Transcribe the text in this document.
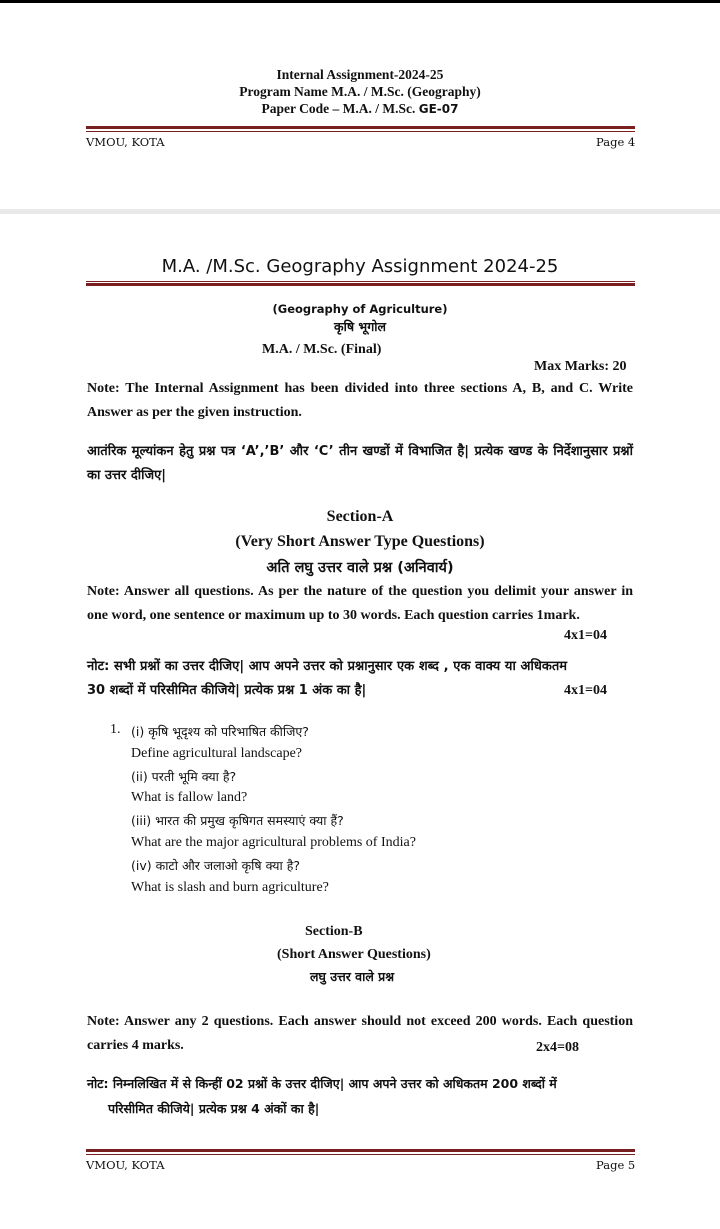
Internal Assignment-2024-25
Program Name M.A. / M.Sc. (Geography)
Paper Code – M.A. / M.Sc. GE-07
VMOU, KOTA	Page 4
M.A. /M.Sc. Geography Assignment 2024-25
(Geography of Agriculture)
कृषि भूगोल
M.A. / M.Sc. (Final)
Max Marks: 20
Note: The Internal Assignment has been divided into three sections A, B, and C. Write Answer as per the given instruction.
आतंरिक मूल्यांकन हेतु प्रश्न पत्र ‘A’,’B’ और ‘C’ तीन खण्डों में विभाजित है| प्रत्येक खण्ड के निर्देशानुसार प्रश्नों का उत्तर दीजिए|
Section-A
(Very Short Answer Type Questions)
अति लघु उत्तर वाले प्रश्न (अनिवार्य)
Note: Answer all questions. As per the nature of the question you delimit your answer in one word, one sentence or maximum up to 30 words. Each question carries 1mark.
4x1=04
नोट: सभी प्रश्नों का उत्तर दीजिए| आप अपने उत्तर को प्रश्नानुसार एक शब्द , एक वाक्य या अधिकतम 30 शब्दों में परिसीमित कीजिये| प्रत्येक प्रश्न 1 अंक का है|	4x1=04
1. (i) कृषि भूदृश्य को परिभाषित कीजिए?
Define agricultural landscape?
(ii) परती भूमि क्या है?
What is fallow land?
(iii) भारत की प्रमुख कृषिगत समस्याएं क्या हैं?
What are the major agricultural problems of India?
(iv) काटो और जलाओ कृषि क्या है?
What is slash and burn agriculture?
Section-B
(Short Answer Questions)
लघु उत्तर वाले प्रश्न
Note: Answer any 2 questions. Each answer should not exceed 200 words. Each question carries 4 marks.	2x4=08
नोट: निम्नलिखित में से किन्हीं 02 प्रश्नों के उत्तर दीजिए| आप अपने उत्तर को अधिकतम 200 शब्दों में
परिसीमित कीजिये| प्रत्येक प्रश्न 4 अंकों का है|
VMOU, KOTA	Page 5
